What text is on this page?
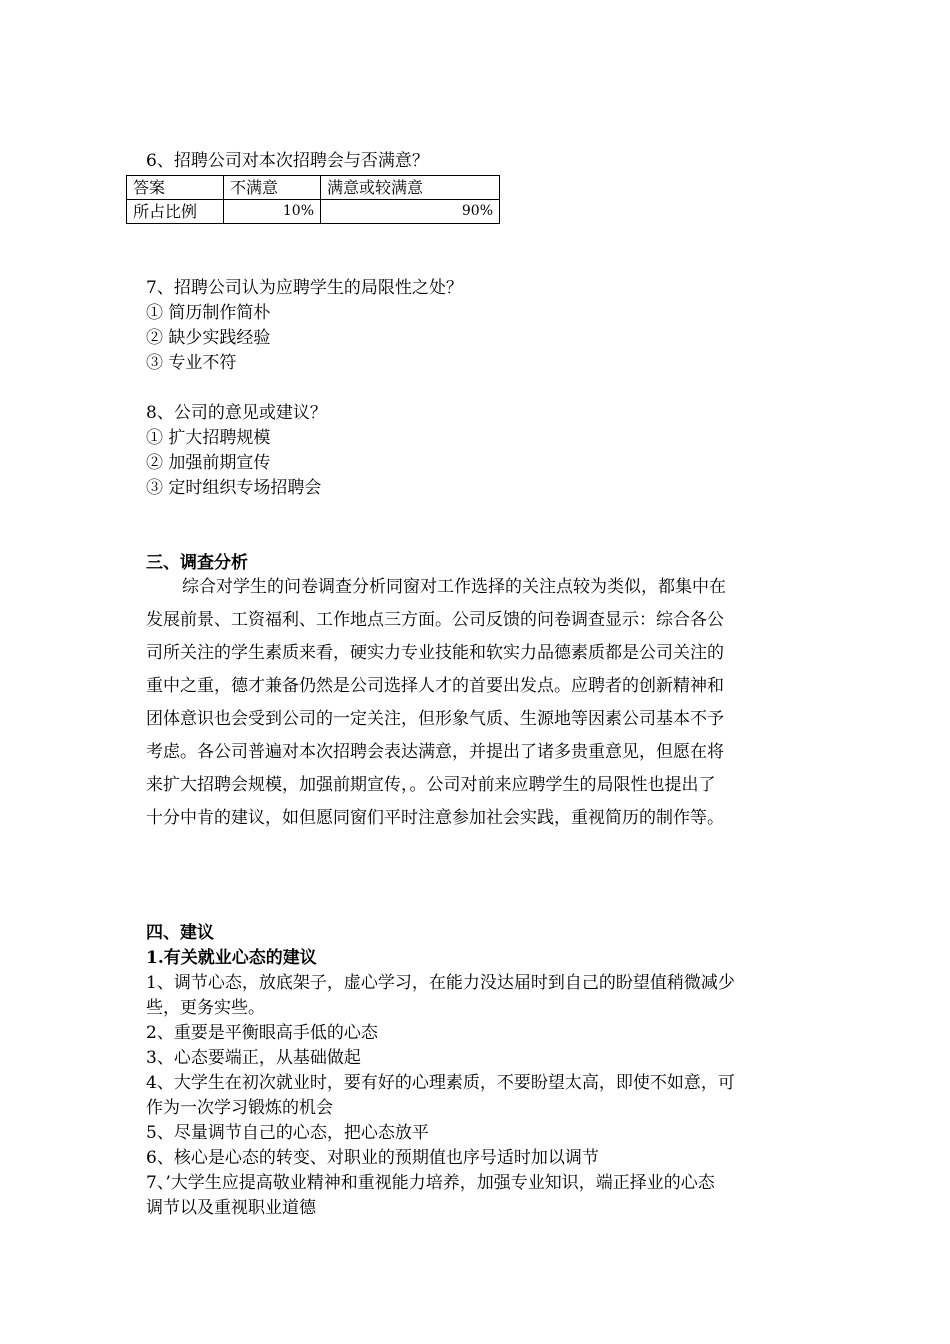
6、招聘公司对本次招聘会与否满意？
答案	不满意	满意或较满意
所占比例	10%	90%
7、招聘公司认为应聘学生的局限性之处？
① 简历制作简朴
② 缺少实践经验
③ 专业不符
8、公司的意见或建议？
① 扩大招聘规模
② 加强前期宣传
③ 定时组织专场招聘会
三、调查分析
综合对学生的问卷调查分析同窗对工作选择的关注点较为类似，都集中在
发展前景、工资福利、工作地点三方面。公司反馈的问卷调查显示：综合各公
司所关注的学生素质来看，硬实力专业技能和软实力品德素质都是公司关注的
重中之重，德才兼备仍然是公司选择人才的首要出发点。应聘者的创新精神和
团体意识也会受到公司的一定关注，但形象气质、生源地等因素公司基本不予
考虑。各公司普遍对本次招聘会表达满意，并提出了诸多贵重意见，但愿在将
来扩大招聘会规模，加强前期宣传，。公司对前来应聘学生的局限性也提出了
十分中肯的建议，如但愿同窗们平时注意参加社会实践，重视简历的制作等。
四、建议
1.有关就业心态的建议
1、调节心态，放底架子，虚心学习，在能力没达届时到自己的盼望值稍微减少
些，更务实些。
2、重要是平衡眼高手低的心态
3、心态要端正，从基础做起
4、大学生在初次就业时，要有好的心理素质，不要盼望太高，即使不如意，可
作为一次学习锻炼的机会
5、尽量调节自己的心态，把心态放平
6、核心是心态的转变、对职业的预期值也序号适时加以调节
7、’大学生应提高敬业精神和重视能力培养，加强专业知识，端正择业的心态
调节以及重视职业道德
